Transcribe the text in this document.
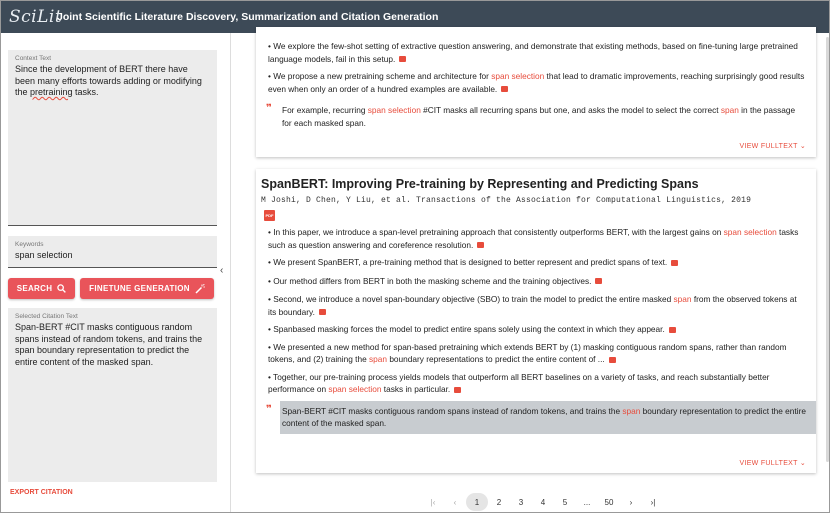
SciLit
Joint Scientific Literature Discovery, Summarization and Citation Generation
Context Text
Since the development of BERT there have been many efforts towards adding or modifying the pretraining tasks.
Keywords
span selection
SEARCH	FINETUNE GENERATION
Selected Citation Text
Span-BERT #CIT masks contiguous random spans instead of random tokens, and trains the span boundary representation to predict the entire content of the masked span.
EXPORT CITATION
‹
• We explore the few-shot setting of extractive question answering, and demonstrate that existing methods, based on fine-tuning large pretrained language models, fail in this setup.
• We propose a new pretraining scheme and architecture for span selection that lead to dramatic improvements, reaching surprisingly good results even when only an order of a hundred examples are available.
❞ For example, recurring span selection #CIT masks all recurring spans but one, and asks the model to select the correct span in the passage for each masked span.
VIEW FULLTEXT ⌄
SpanBERT: Improving Pre-training by Representing and Predicting Spans
M Joshi, D Chen, Y Liu, et al. Transactions of the Association for Computational Linguistics, 2019
PDF
• In this paper, we introduce a span-level pretraining approach that consistently outperforms BERT, with the largest gains on span selection tasks such as question answering and coreference resolution.
• We present SpanBERT, a pre-training method that is designed to better represent and predict spans of text.
• Our method differs from BERT in both the masking scheme and the training objectives.
• Second, we introduce a novel span-boundary objective (SBO) to train the model to predict the entire masked span from the observed tokens at its boundary.
• Spanbased masking forces the model to predict entire spans solely using the context in which they appear.
• We presented a new method for span-based pretraining which extends BERT by (1) masking contiguous random spans, rather than random tokens, and (2) training the span boundary representations to predict the entire content of ...
• Together, our pre-training process yields models that outperform all BERT baselines on a variety of tasks, and reach substantially better performance on span selection tasks in particular.
❞ Span-BERT #CIT masks contiguous random spans instead of random tokens, and trains the span boundary representation to predict the entire content of the masked span.
VIEW FULLTEXT ⌄
|‹	‹	1	2	3	4	5	...	50	›	›|
